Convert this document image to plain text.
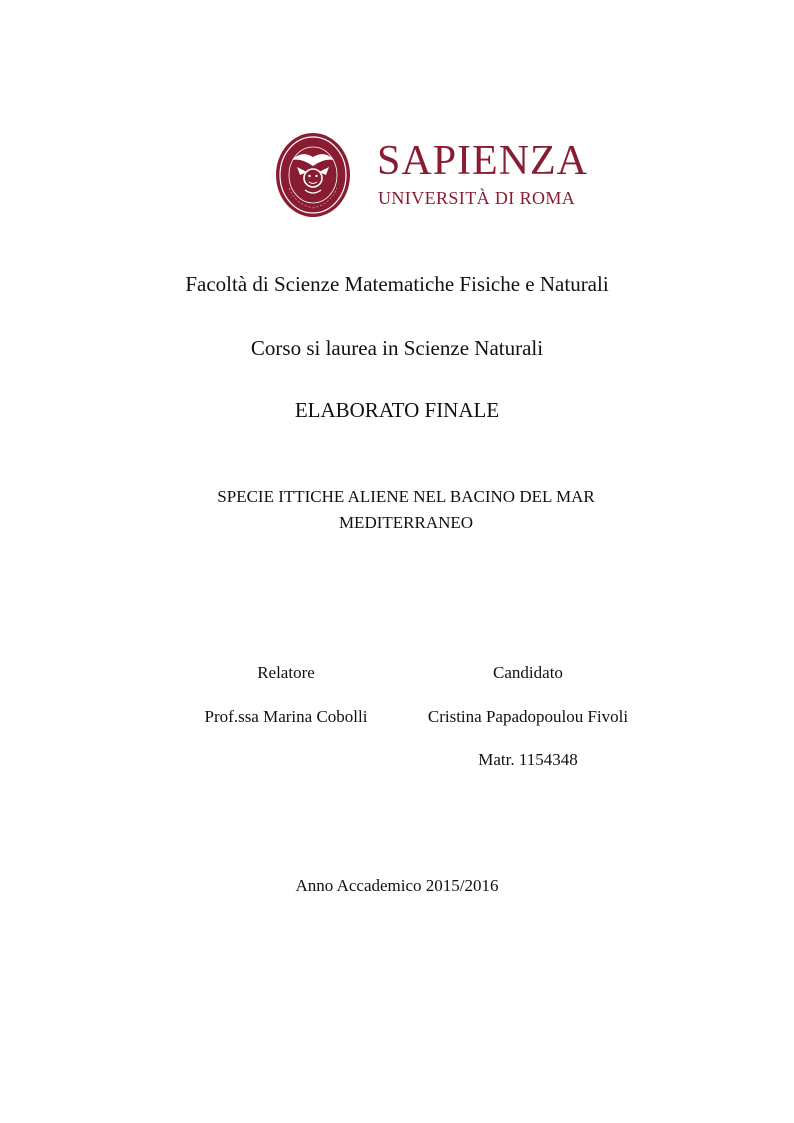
SAPIENZA
UNIVERSITÀ DI ROMA
Facoltà di Scienze Matematiche Fisiche e Naturali
Corso si laurea in Scienze Naturali
ELABORATO FINALE
SPECIE ITTICHE ALIENE NEL BACINO DEL MAR
MEDITERRANEO
Relatore	Candidato
Prof.ssa Marina Cobolli	Cristina Papadopoulou Fivoli
Matr. 1154348
Anno Accademico 2015/2016
